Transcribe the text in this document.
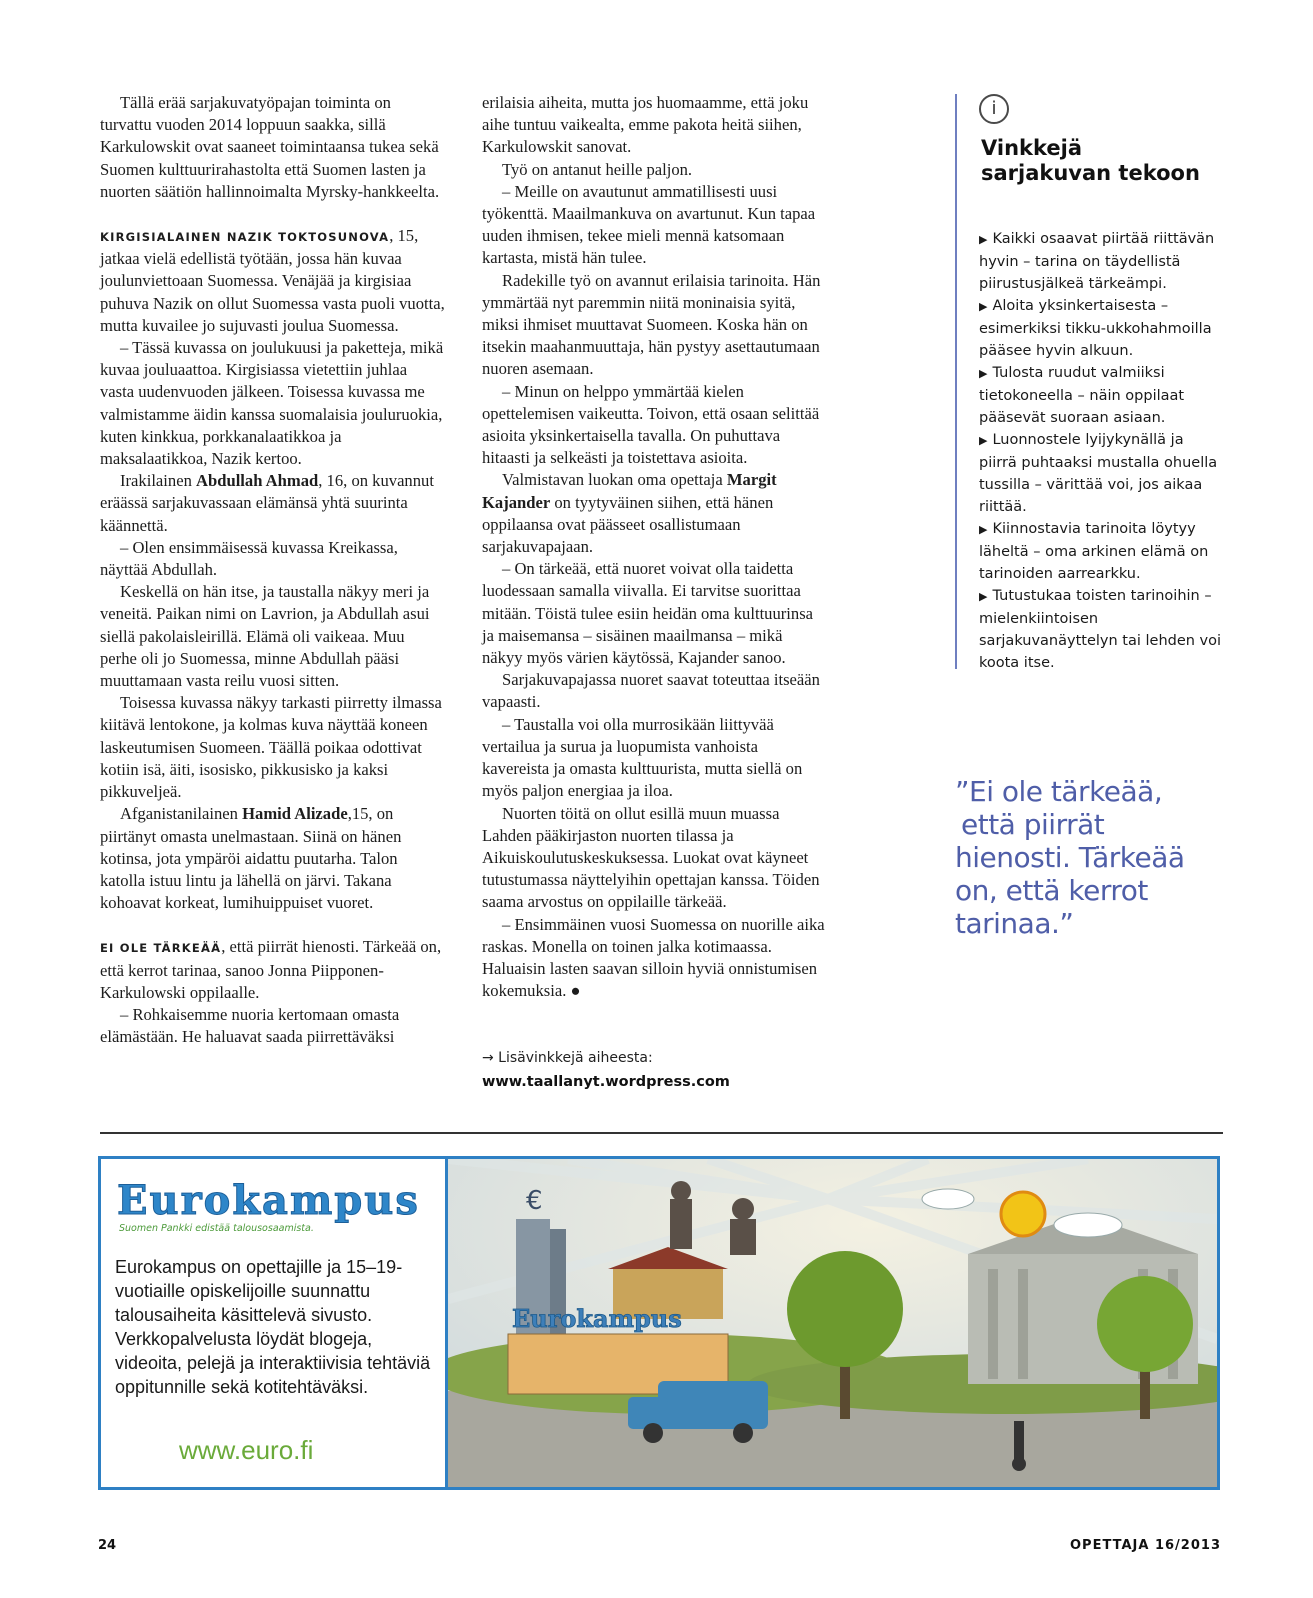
Tällä erää sarjakuvatyöpajan toiminta on turvattu vuoden 2014 loppuun saakka, sillä Karkulowskit ovat saaneet toimintaansa tukea sekä Suomen kulttuurirahastolta että Suomen lasten ja nuorten säätiön hallinnoimalta Myrsky-hankkeelta.

KIRGISIALAINEN NAZIK TOKTOSUNOVA, 15, jatkaa vielä edellistä työtään, jossa hän kuvaa joulunviettoaan Suomessa. Venäjää ja kirgisiaa puhuva Nazik on ollut Suomessa vasta puoli vuotta, mutta kuvailee jo sujuvasti joulua Suomessa.

– Tässä kuvassa on joulukuusi ja paketteja, mikä kuvaa jouluaattoa. Kirgisiassa vietettiin juhlaa vasta uudenvuoden jälkeen. Toisessa kuvassa me valmistamme äidin kanssa suomalaisia jouluruokia, kuten kinkkua, porkkanalaatikkoa ja maksalaatikkoa, Nazik kertoo.

Irakilainen Abdullah Ahmad, 16, on kuvannut eräässä sarjakuvassaan elämänsä yhtä suurinta käännettä.

– Olen ensimmäisessä kuvassa Kreikassa, näyttää Abdullah.

Keskellä on hän itse, ja taustalla näkyy meri ja veneitä. Paikan nimi on Lavrion, ja Abdullah asui siellä pakolaisleirillä. Elämä oli vaikeaa. Muu perhe oli jo Suomessa, minne Abdullah pääsi muuttamaan vasta reilu vuosi sitten.

Toisessa kuvassa näkyy tarkasti piirretty ilmassa kiitävä lentokone, ja kolmas kuva näyttää koneen laskeutumisen Suomeen. Täällä poikaa odottivat kotiin isä, äiti, isosisko, pikkusisko ja kaksi pikkuveljeä.

Afganistanilainen Hamid Alizade,15, on piirtänyt omasta unelmastaan. Siinä on hänen kotinsa, jota ympäröi aidattu puutarha. Talon katolla istuu lintu ja lähellä on järvi. Takana kohoavat korkeat, lumihuippuiset vuoret.

EI OLE TÄRKEÄÄ, että piirrät hienosti. Tärkeää on, että kerrot tarinaa, sanoo Jonna Piipponen-Karkulowski oppilaalle.

– Rohkaisemme nuoria kertomaan omasta elämästään. He haluavat saada piirrettäväksi

erilaisia aiheita, mutta jos huomaamme, että joku aihe tuntuu vaikealta, emme pakota heitä siihen, Karkulowskit sanovat.

Työ on antanut heille paljon.

– Meille on avautunut ammatillisesti uusi työkenttä. Maailmankuva on avartunut. Kun tapaa uuden ihmisen, tekee mieli mennä katsomaan kartasta, mistä hän tulee.

Radekille työ on avannut erilaisia tarinoita. Hän ymmärtää nyt paremmin niitä moninaisia syitä, miksi ihmiset muuttavat Suomeen. Koska hän on itsekin maahanmuuttaja, hän pystyy asettautumaan nuoren asemaan.

– Minun on helppo ymmärtää kielen opettelemisen vaikeutta. Toivon, että osaan selittää asioita yksinkertaisella tavalla. On puhuttava hitaasti ja selkeästi ja toistettava asioita.

Valmistavan luokan oma opettaja Margit Kajander on tyytyväinen siihen, että hänen oppilaansa ovat päässeet osallistumaan sarjakuvapajaan.

– On tärkeää, että nuoret voivat olla taidetta luodessaan samalla viivalla. Ei tarvitse suorittaa mitään. Töistä tulee esiin heidän oma kulttuurinsa ja maisemansa – sisäinen maailmansa – mikä näkyy myös värien käytössä, Kajander sanoo.

Sarjakuvapajassa nuoret saavat toteuttaa itseään vapaasti.

– Taustalla voi olla murrosikään liittyvää vertailua ja surua ja luopumista vanhoista kavereista ja omasta kulttuurista, mutta siellä on myös paljon energiaa ja iloa.

Nuorten töitä on ollut esillä muun muassa Lahden pääkirjaston nuorten tilassa ja Aikuiskoulutuskeskuksessa. Luokat ovat käyneet tutustumassa näyttelyihin opettajan kanssa. Töiden saama arvostus on oppilaille tärkeää.

– Ensimmäinen vuosi Suomessa on nuorille aika raskas. Monella on toinen jalka kotimaassa. Haluaisin lasten saavan silloin hyviä onnistumisen kokemuksia. ●

→ Lisävinkkejä aiheesta:
www.taallanyt.wordpress.com
i
Vinkkejä sarjakuvan tekoon
▶ Kaikki osaavat piirtää riittävän hyvin – tarina on täydellistä piirustusjälkeä tärkeämpi.
▶ Aloita yksinkertaisesta – esimerkiksi tikku-ukkohahmoilla pääsee hyvin alkuun.
▶ Tulosta ruudut valmiiksi tietokoneella – näin oppilaat pääsevät suoraan asiaan.
▶ Luonnostele lyijykynällä ja piirrä puhtaaksi mustalla ohuella tussilla – värittää voi, jos aikaa riittää.
▶ Kiinnostavia tarinoita löytyy läheltä – oma arkinen elämä on tarinoiden aarrearkku.
▶ Tutustukaa toisten tarinoihin – mielenkiintoisen sarjakuvanäyttelyn tai lehden voi koota itse.
”Ei ole tärkeää,
että piirrät
hienosti. Tärkeää
on, että kerrot
tarinaa.”
Eurokampus
Suomen Pankki edistää talousosaamista.

Eurokampus on opettajille ja 15–19-vuotiaille opiskelijoille suunnattu talousaiheita käsittelevä sivusto. Verkkopalvelusta löydät blogeja, videoita, pelejä ja interaktiivisia tehtäviä oppitunnille sekä kotitehtäväksi.

www.euro.fi
€
Eurokampus
24	OPETTAJA 16/2013
